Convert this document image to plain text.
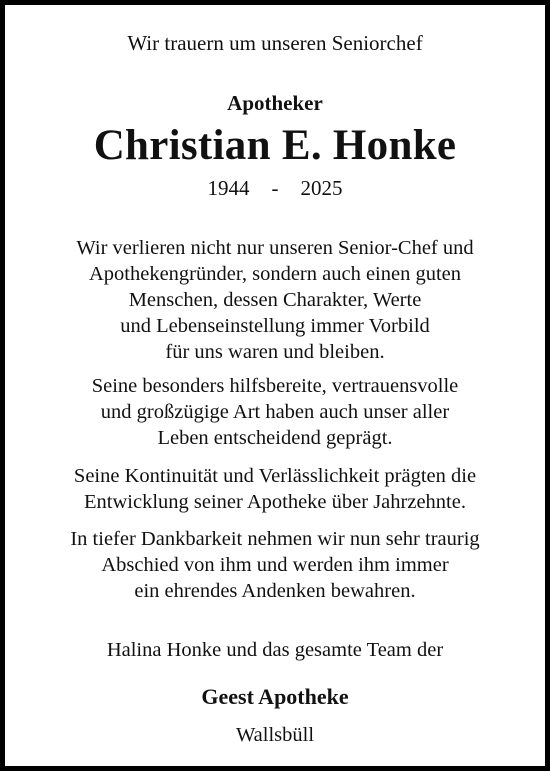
Wir trauern um unseren Seniorchef
Apotheker
Christian E. Honke
1944 - 2025
Wir verlieren nicht nur unseren Senior-Chef und
Apothekengründer, sondern auch einen guten
Menschen, dessen Charakter, Werte
und Lebenseinstellung immer Vorbild
für uns waren und bleiben.
Seine besonders hilfsbereite, vertrauensvolle
und großzügige Art haben auch unser aller
Leben entscheidend geprägt.
Seine Kontinuität und Verlässlichkeit prägten die
Entwicklung seiner Apotheke über Jahrzehnte.
In tiefer Dankbarkeit nehmen wir nun sehr traurig
Abschied von ihm und werden ihm immer
ein ehrendes Andenken bewahren.
Halina Honke und das gesamte Team der
Geest Apotheke
Wallsbüll
